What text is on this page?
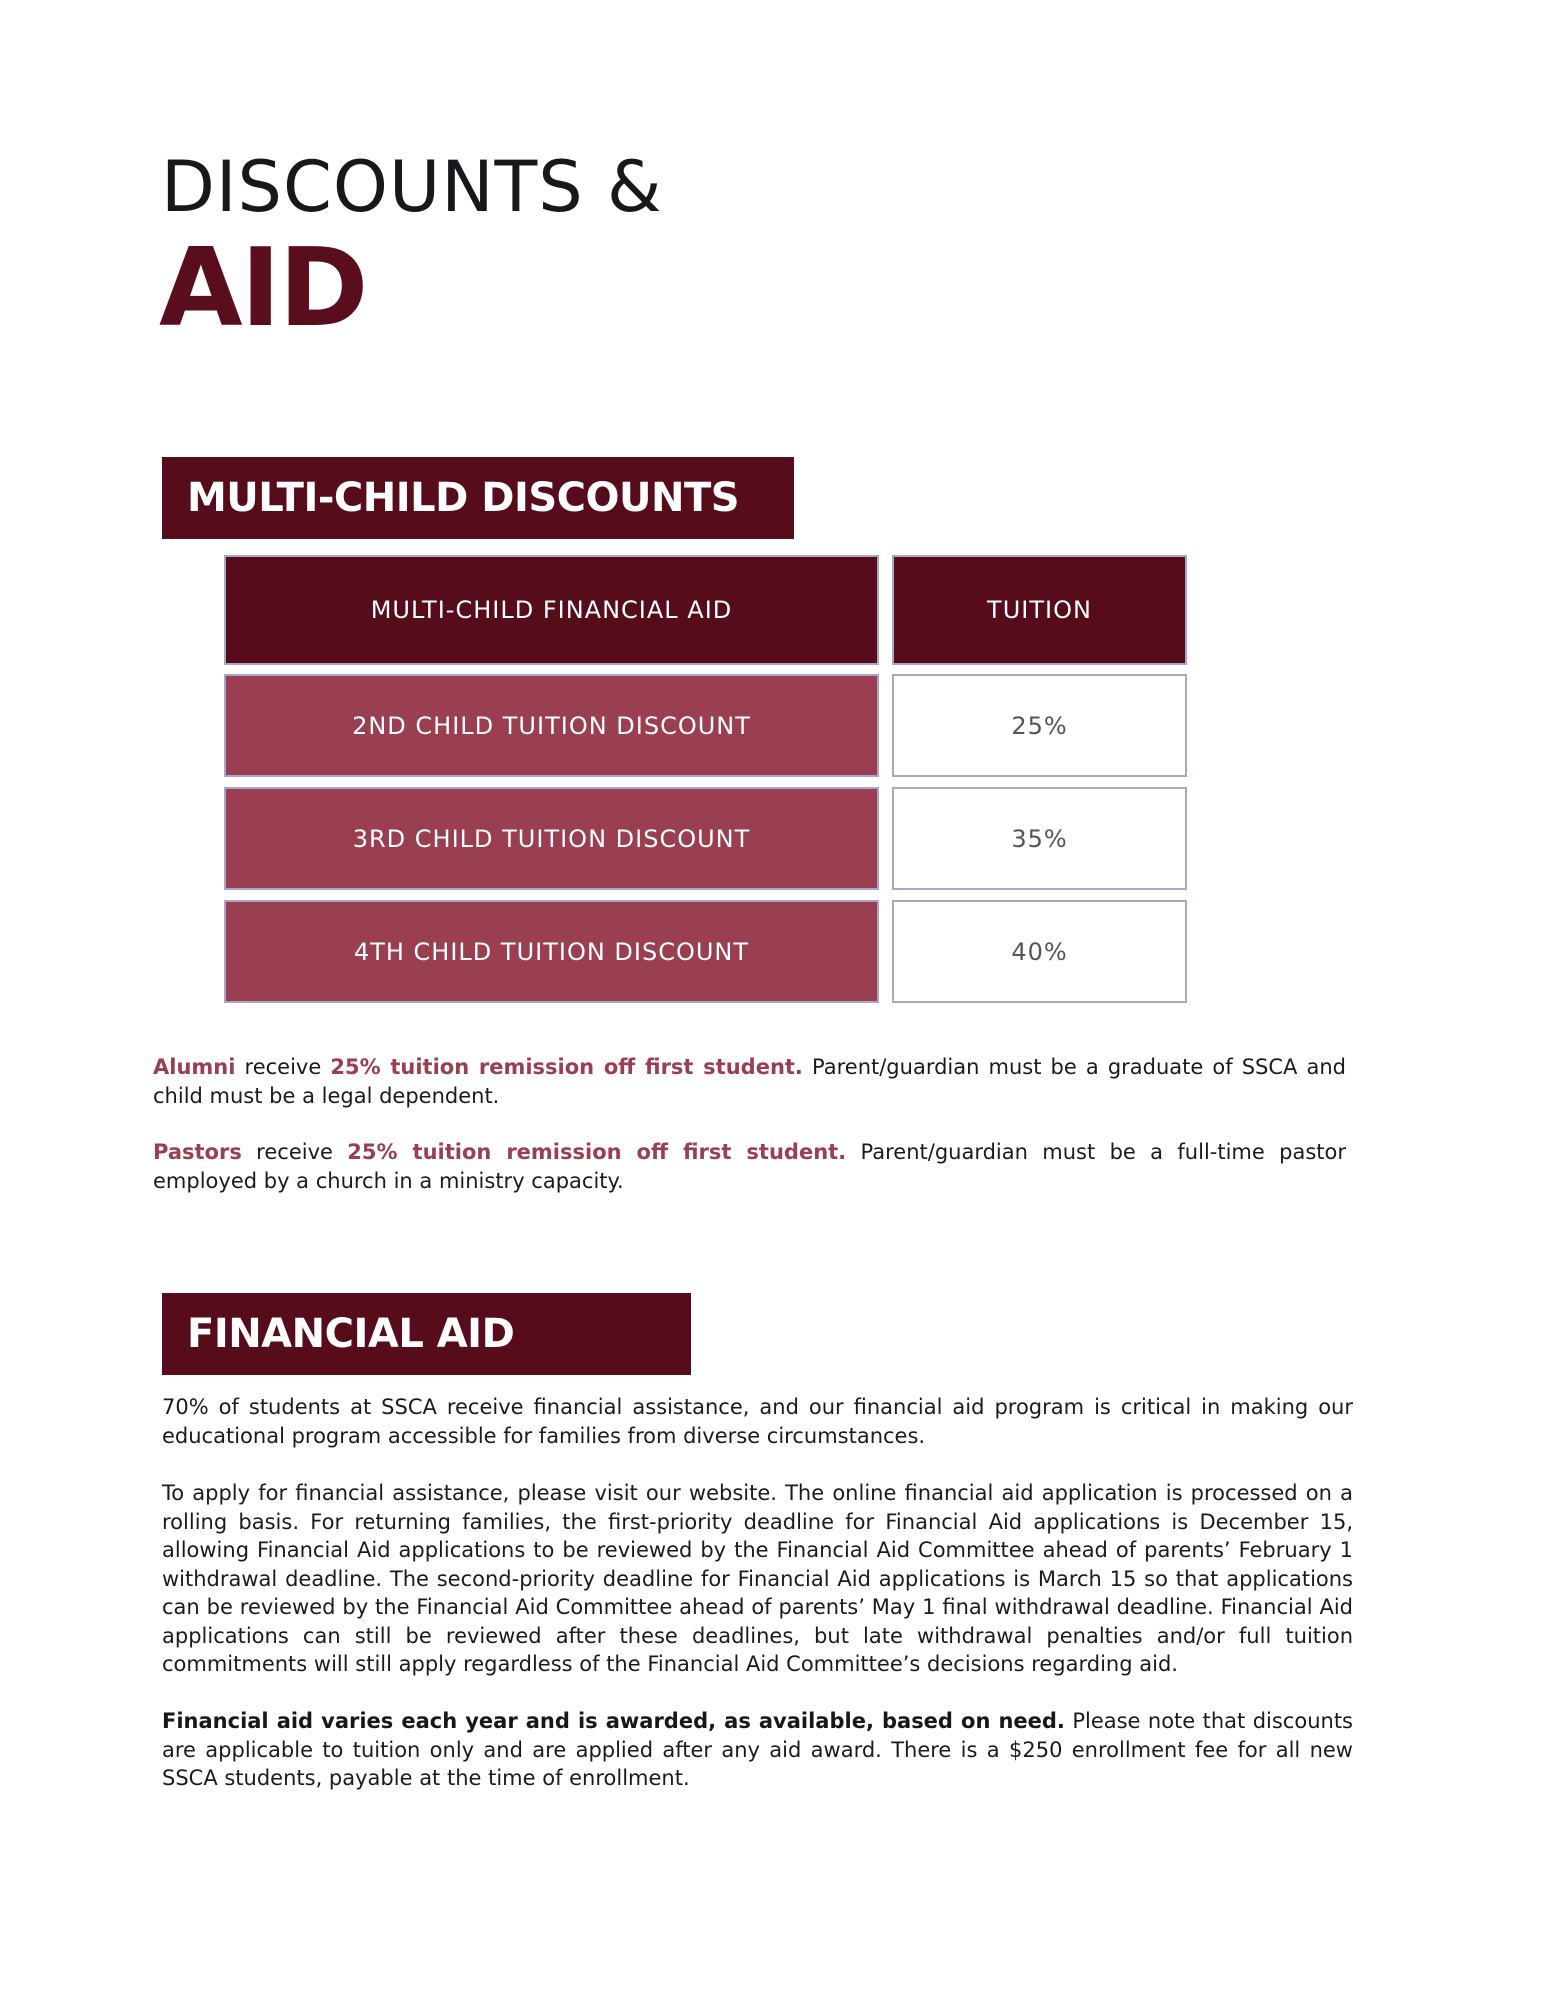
DISCOUNTS &
AID
MULTI-CHILD DISCOUNTS
MULTI-CHILD FINANCIAL AID	TUITION
2ND CHILD TUITION DISCOUNT	25%
3RD CHILD TUITION DISCOUNT	35%
4TH CHILD TUITION DISCOUNT	40%

Alumni receive 25% tuition remission off first student. Parent/guardian must be a graduate of SSCA and child must be a legal dependent.

Pastors receive 25% tuition remission off first student. Parent/guardian must be a full-time pastor employed by a church in a ministry capacity.

FINANCIAL AID

70% of students at SSCA receive financial assistance, and our financial aid program is critical in making our educational program accessible for families from diverse circumstances.

To apply for financial assistance, please visit our website. The online financial aid application is processed on a rolling basis. For returning families, the first-priority deadline for Financial Aid applications is December 15, allowing Financial Aid applications to be reviewed by the Financial Aid Committee ahead of parents’ February 1 withdrawal deadline. The second-priority deadline for Financial Aid applications is March 15 so that applications can be reviewed by the Financial Aid Committee ahead of parents’ May 1 final withdrawal deadline. Financial Aid applications can still be reviewed after these deadlines, but late withdrawal penalties and/or full tuition commitments will still apply regardless of the Financial Aid Committee’s decisions regarding aid.

Financial aid varies each year and is awarded, as available, based on need. Please note that discounts are applicable to tuition only and are applied after any aid award. There is a $250 enrollment fee for all new SSCA students, payable at the time of enrollment.
